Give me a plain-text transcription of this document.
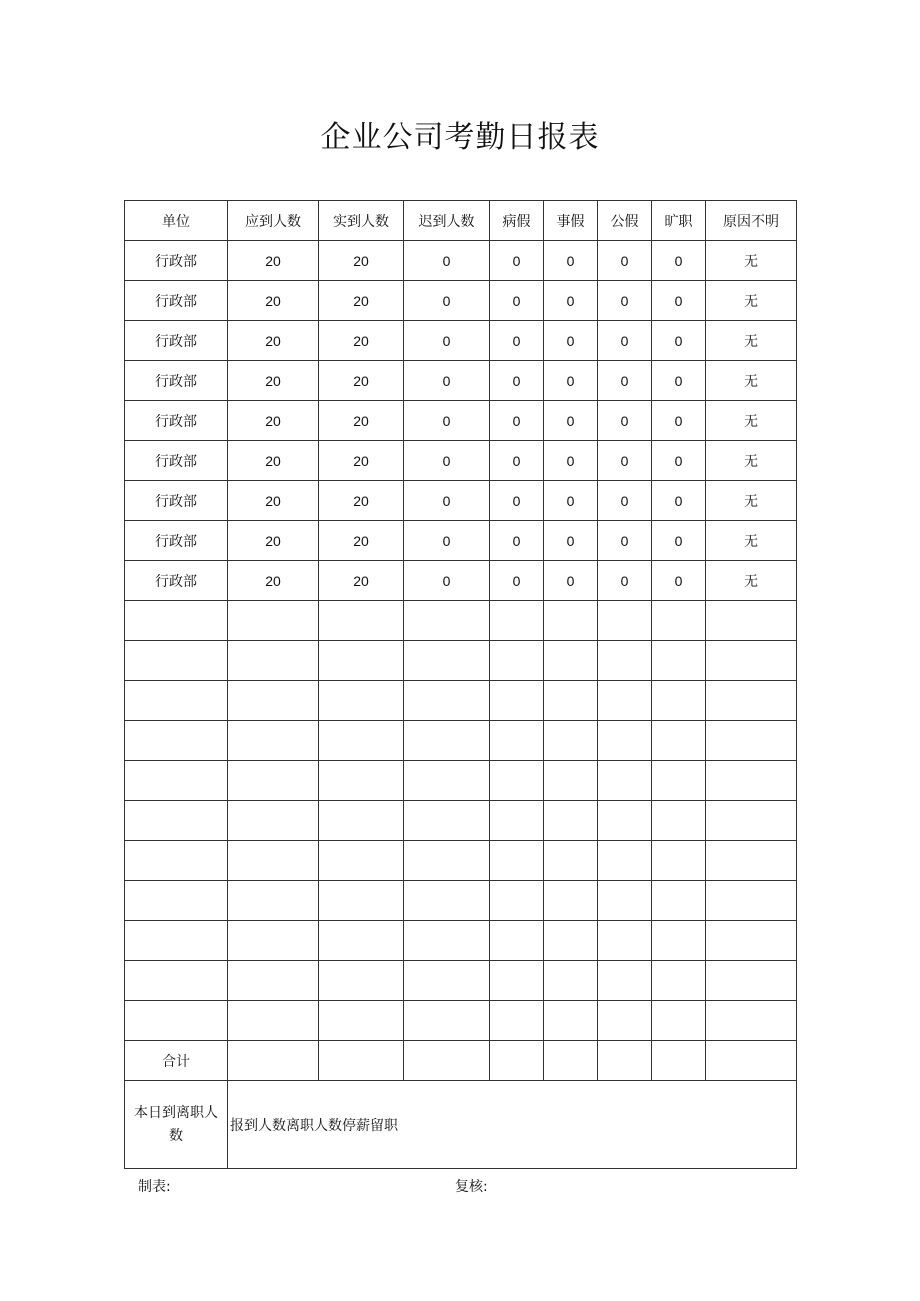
企业公司考勤日报表
单位	应到人数	实到人数	迟到人数	病假	事假	公假	旷职	原因不明
行政部	20	20	0	0	0	0	0	无
行政部	20	20	0	0	0	0	0	无
行政部	20	20	0	0	0	0	0	无
行政部	20	20	0	0	0	0	0	无
行政部	20	20	0	0	0	0	0	无
行政部	20	20	0	0	0	0	0	无
行政部	20	20	0	0	0	0	0	无
行政部	20	20	0	0	0	0	0	无
行政部	20	20	0	0	0	0	0	无

合计								
本日到离职人数	报到人数离职人数停薪留职							
制表:	复核:
